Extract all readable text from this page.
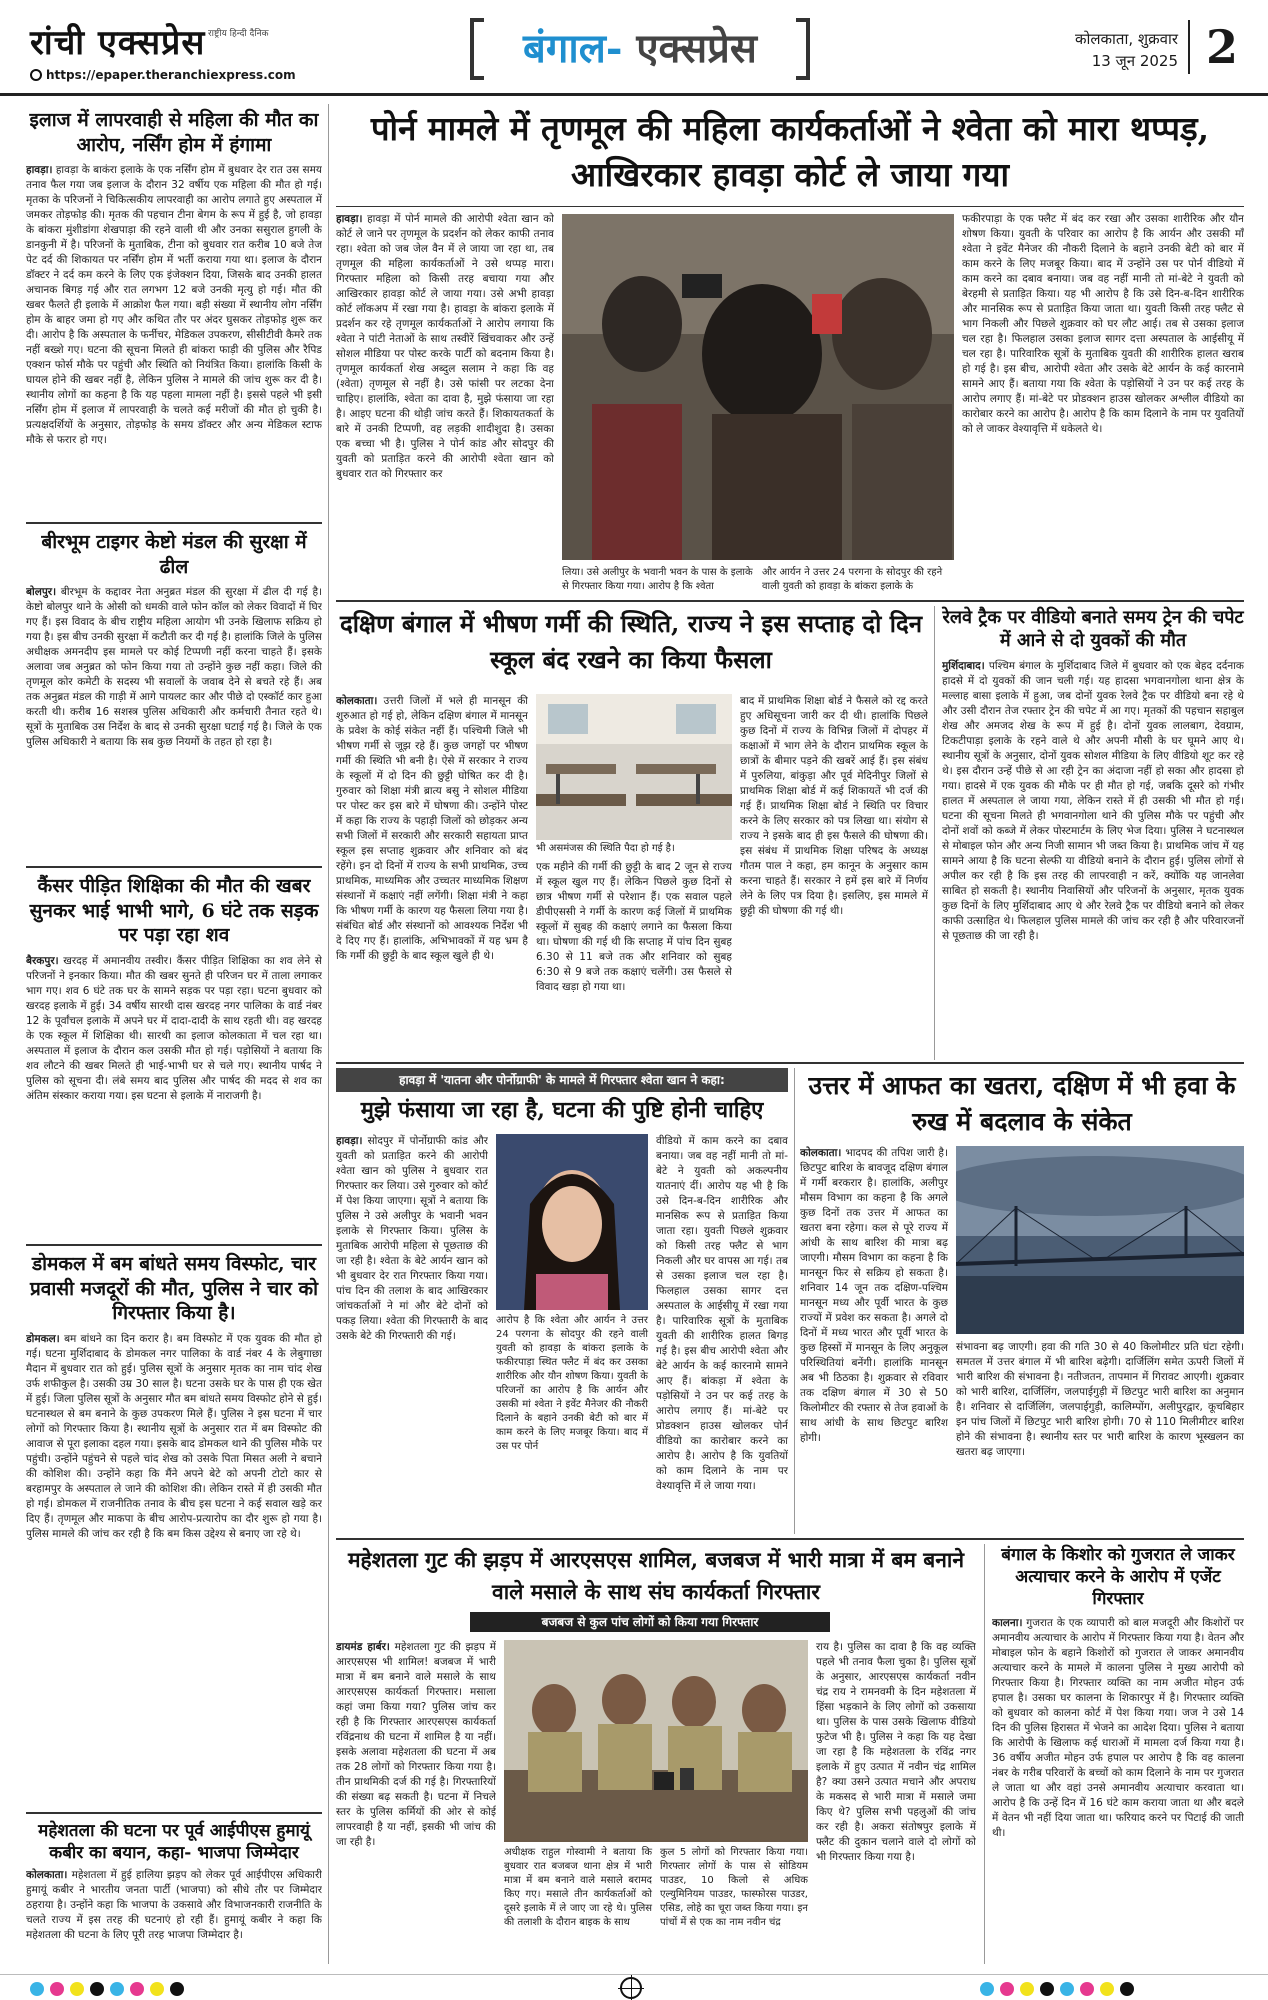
रांची एक्सप्रेस राष्ट्रीय हिन्दी दैनिक
https://epaper.theranchiexpress.com
बंगाल- एक्सप्रेस	कोलकाता, शुक्रवार
13 जून 2025 2
इलाज में लापरवाही से महिला की मौत का आरोप, नर्सिंग होम में हंगामा
हावड़ा। हावड़ा के बाकंरा इलाके के एक नर्सिंग होम में बुधवार देर रात उस समय तनाव फैल गया जब इलाज के दौरान 32 वर्षीय एक महिला की मौत हो गई। मृतका के परिजनों ने चिकित्सकीय लापरवाही का आरोप लगाते हुए अस्पताल में जमकर तोड़फोड़ की। मृतक की पहचान टीना बेगम के रूप में हुई है, जो हावड़ा के बांकरा मुंशीडांगा शेखपाड़ा की रहने वाली थी और उनका ससुराल हुगली के डानकुनी में है। परिजनों के मुताबिक, टीना को बुधवार रात करीब 10 बजे तेज पेट दर्द की शिकायत पर नर्सिंग होम में भर्ती कराया गया था। इलाज के दौरान डॉक्टर ने दर्द कम करने के लिए एक इंजेक्शन दिया, जिसके बाद उनकी हालत अचानक बिगड़ गई और रात लगभग 12 बजे उनकी मृत्यु हो गई। मौत की खबर फैलते ही इलाके में आक्रोश फैल गया। बड़ी संख्या में स्थानीय लोग नर्सिंग होम के बाहर जमा हो गए और कथित तौर पर अंदर घुसकर तोड़फोड़ शुरू कर दी। आरोप है कि अस्पताल के फर्नीचर, मेडिकल उपकरण, सीसीटीवी कैमरे तक नहीं बख्शे गए। घटना की सूचना मिलते ही बांकरा फाड़ी की पुलिस और रैपिड एक्शन फोर्स मौके पर पहुंची और स्थिति को नियंत्रित किया। हालांकि किसी के घायल होने की खबर नहीं है, लेकिन पुलिस ने मामले की जांच शुरू कर दी है। स्थानीय लोगों का कहना है कि यह पहला मामला नहीं है। इससे पहले भी इसी नर्सिंग होम में इलाज में लापरवाही के चलते कई मरीजों की मौत हो चुकी है। प्रत्यक्षदर्शियों के अनुसार, तोड़फोड़ के समय डॉक्टर और अन्य मेडिकल स्टाफ मौके से फरार हो गए।
बीरभूम टाइगर केष्टो मंडल की सुरक्षा में ढील
बोलपुर। बीरभूम के कद्दावर नेता अनुब्रत मंडल की सुरक्षा में ढील दी गई है। केष्टो बोलपुर थाने के ओसी को धमकी वाले फोन कॉल को लेकर विवादों में घिर गए हैं। इस विवाद के बीच राष्ट्रीय महिला आयोग भी उनके खिलाफ सक्रिय हो गया है। इस बीच उनकी सुरक्षा में कटौती कर दी गई है। हालांकि जिले के पुलिस अधीक्षक अमनदीप इस मामले पर कोई टिप्पणी नहीं करना चाहते हैं। इसके अलावा जब अनुब्रत को फोन किया गया तो उन्होंने कुछ नहीं कहा। जिले की तृणमूल कोर कमेटी के सदस्य भी सवालों के जवाब देने से बचते रहे हैं। अब तक अनुब्रत मंडल की गाड़ी में आगे पायलट कार और पीछे दो एस्कॉर्ट कार हुआ करती थी। करीब 16 सशस्त्र पुलिस अधिकारी और कर्मचारी तैनात रहते थे। सूत्रों के मुताबिक उस निर्देश के बाद से उनकी सुरक्षा घटाई गई है। जिले के एक पुलिस अधिकारी ने बताया कि सब कुछ नियमों के तहत हो रहा है।
कैंसर पीड़ित शिक्षिका की मौत की खबर सुनकर भाई भाभी भागे, 6 घंटे तक सड़क पर पड़ा रहा शव
बैरकपुर। खरदह में अमानवीय तस्वीर। कैंसर पीड़ित शिक्षिका का शव लेने से परिजनों ने इनकार किया। मौत की खबर सुनते ही परिजन घर में ताला लगाकर भाग गए। शव 6 घंटे तक घर के सामने सड़क पर पड़ा रहा। घटना बुधवार को खरदह इलाके में हुई। 34 वर्षीय सारथी दास खरदह नगर पालिका के वार्ड नंबर 12 के पूर्वांचल इलाके में अपने घर में दादा-दादी के साथ रहती थी। वह खरदह के एक स्कूल में शिक्षिका थी। सारथी का इलाज कोलकाता में चल रहा था। अस्पताल में इलाज के दौरान कल उसकी मौत हो गई। पड़ोसियों ने बताया कि शव लौटने की खबर मिलते ही भाई-भाभी घर से चले गए। स्थानीय पार्षद ने पुलिस को सूचना दी। लंबे समय बाद पुलिस और पार्षद की मदद से शव का अंतिम संस्कार कराया गया। इस घटना से इलाके में नाराजगी है।
डोमकल में बम बांधते समय विस्फोट, चार प्रवासी मजदूरों की मौत, पुलिस ने चार को गिरफ्तार किया है।
डोमकल। बम बांधने का दिन करार है। बम विस्फोट में एक युवक की मौत हो गई। घटना मुर्शिदाबाद के डोमकल नगर पालिका के वार्ड नंबर 4 के लेबुगाछा मैदान में बुधवार रात को हुई। पुलिस सूत्रों के अनुसार मृतक का नाम चांद शेख उर्फ शफीकुल है। उसकी उम्र 30 साल है। घटना उसके घर के पास ही एक खेत में हुई। जिला पुलिस सूत्रों के अनुसार मौत बम बांधते समय विस्फोट होने से हुई। घटनास्थल से बम बनाने के कुछ उपकरण मिले हैं। पुलिस ने इस घटना में चार लोगों को गिरफ्तार किया है। स्थानीय सूत्रों के अनुसार रात में बम विस्फोट की आवाज से पूरा इलाका दहल गया। इसके बाद डोमकल थाने की पुलिस मौके पर पहुंची। उन्होंने पहुंचने से पहले चांद शेख को उसके पिता मिसत अली ने बचाने की कोशिश की। उन्होंने कहा कि मैंने अपने बेटे को अपनी टोटो कार से बरहामपुर के अस्पताल ले जाने की कोशिश की। लेकिन रास्ते में ही उसकी मौत हो गई। डोमकल में राजनीतिक तनाव के बीच इस घटना ने कई सवाल खड़े कर दिए हैं। तृणमूल और माकपा के बीच आरोप-प्रत्यारोप का दौर शुरू हो गया है। पुलिस मामले की जांच कर रही है कि बम किस उद्देश्य से बनाए जा रहे थे।
महेशतला की घटना पर पूर्व आईपीएस हुमायूं कबीर का बयान, कहा- भाजपा जिम्मेदार
कोलकाता। महेशतला में हुई हालिया झड़प को लेकर पूर्व आईपीएस अधिकारी हुमायूं कबीर ने भारतीय जनता पार्टी (भाजपा) को सीधे तौर पर जिम्मेदार ठहराया है। उन्होंने कहा कि भाजपा के उकसावे और विभाजनकारी राजनीति के चलते राज्य में इस तरह की घटनाएं हो रही हैं। हुमायूं कबीर ने कहा कि महेशतला की घटना के लिए पूरी तरह भाजपा जिम्मेदार है।
पोर्न मामले में तृणमूल की महिला कार्यकर्ताओं ने श्वेता को मारा थप्पड़, आखिरकार हावड़ा कोर्ट ले जाया गया
हावड़ा। हावड़ा में पोर्न मामले की आरोपी श्वेता खान को कोर्ट ले जाने पर तृणमूल के प्रदर्शन को लेकर काफी तनाव रहा। श्वेता को जब जेल वैन में ले जाया जा रहा था, तब तृणमूल की महिला कार्यकर्ताओं ने उसे थप्पड़ मारा। गिरफ्तार महिला को किसी तरह बचाया गया और आखिरकार हावड़ा कोर्ट ले जाया गया। उसे अभी हावड़ा कोर्ट लॉकअप में रखा गया है। हावड़ा के बांकरा इलाके में प्रदर्शन कर रहे तृणमूल कार्यकर्ताओं ने आरोप लगाया कि श्वेता ने पांटी नेताओं के साथ तस्वीरें खिंचवाकर और उन्हें सोशल मीडिया पर पोस्ट करके पार्टी को बदनाम किया है। तृणमूल कार्यकर्ता शेख अब्दुल सलाम ने कहा कि वह (श्वेता) तृणमूल से नहीं है। उसे फांसी पर लटका देना चाहिए। हालांकि, श्वेता का दावा है, मुझे फंसाया जा रहा है। आइए घटना की थोड़ी जांच करते हैं। शिकायतकर्ता के बारे में उनकी टिप्पणी, वह लड़की शादीशुदा है। उसका एक बच्चा भी है। पुलिस ने पोर्न कांड और सोदपुर की युवती को प्रताड़ित करने की आरोपी श्वेता खान को बुधवार रात को गिरफ्तार कर
लिया। उसे अलीपुर के भवानी भवन के पास के इलाके से गिरफ्तार किया गया। आरोप है कि श्वेता
और आर्यन ने उत्तर 24 परगना के सोदपुर की रहने वाली युवती को हावड़ा के बांकरा इलाके के
फकीरपाड़ा के एक फ्लैट में बंद कर रखा और उसका शारीरिक और यौन शोषण किया। युवती के परिवार का आरोप है कि आर्यन और उसकी माँ श्वेता ने इवेंट मैनेजर की नौकरी दिलाने के बहाने उनकी बेटी को बार में काम करने के लिए मजबूर किया। बाद में उन्होंने उस पर पोर्न वीडियो में काम करने का दबाव बनाया। जब वह नहीं मानी तो मां-बेटे ने युवती को बेरहमी से प्रताड़ित किया। यह भी आरोप है कि उसे दिन-ब-दिन शारीरिक और मानसिक रूप से प्रताड़ित किया जाता था। युवती किसी तरह फ्लैट से भाग निकली और पिछले शुक्रवार को घर लौट आई। तब से उसका इलाज चल रहा है। फिलहाल उसका इलाज सागर दत्ता अस्पताल के आईसीयू में चल रहा है। पारिवारिक सूत्रों के मुताबिक युवती की शारीरिक हालत खराब हो गई है। इस बीच, आरोपी श्वेता और उसके बेटे आर्यन के कई कारनामे सामने आए हैं। बताया गया कि श्वेता के पड़ोसियों ने उन पर कई तरह के आरोप लगाए हैं। मां-बेटे पर प्रोडक्शन हाउस खोलकर अश्लील वीडियो का कारोबार करने का आरोप है। आरोप है कि काम दिलाने के नाम पर युवतियों को ले जाकर वेश्यावृत्ति में धकेलते थे।
दक्षिण बंगाल में भीषण गर्मी की स्थिति, राज्य ने इस सप्ताह दो दिन स्कूल बंद रखने का किया फैसला
कोलकाता। उत्तरी जिलों में भले ही मानसून की शुरुआत हो गई हो, लेकिन दक्षिण बंगाल में मानसून के प्रवेश के कोई संकेत नहीं हैं। पश्चिमी जिले भी भीषण गर्मी से जूझ रहे हैं। कुछ जगहों पर भीषण गर्मी की स्थिति भी बनी है। ऐसे में सरकार ने राज्य के स्कूलों में दो दिन की छुट्टी घोषित कर दी है। गुरुवार को शिक्षा मंत्री ब्रात्य बसु ने सोशल मीडिया पर पोस्ट कर इस बारे में घोषणा की। उन्होंने पोस्ट में कहा कि राज्य के पहाड़ी जिलों को छोड़कर अन्य सभी जिलों में सरकारी और सरकारी सहायता प्राप्त स्कूल इस सप्ताह शुक्रवार और शनिवार को बंद रहेंगे। इन दो दिनों में राज्य के सभी प्राथमिक, उच्च प्राथमिक, माध्यमिक और उच्चतर माध्यमिक शिक्षण संस्थानों में कक्षाएं नहीं लगेंगी। शिक्षा मंत्री ने कहा कि भीषण गर्मी के कारण यह फैसला लिया गया है। संबंधित बोर्ड और संस्थानों को आवश्यक निर्देश भी दे दिए गए हैं। हालांकि, अभिभावकों में यह भ्रम है कि गर्मी की छुट्टी के बाद स्कूल खुले ही थे।
भी असमंजस की स्थिति पैदा हो गई है।
एक महीने की गर्मी की छुट्टी के बाद 2 जून से राज्य में स्कूल खुल गए हैं। लेकिन पिछले कुछ दिनों से छात्र भीषण गर्मी से परेशान हैं। एक सवाल पहले डीपीएससी ने गर्मी के कारण कई जिलों में प्राथमिक स्कूलों में सुबह की कक्षाएं लगाने का फैसला किया था। घोषणा की गई थी कि सप्ताह में पांच दिन सुबह 6.30 से 11 बजे तक और शनिवार को सुबह 6:30 से 9 बजे तक कक्षाएं चलेंगी। उस फैसले से विवाद खड़ा हो गया था।
बाद में प्राथमिक शिक्षा बोर्ड ने फैसले को रद्द करते हुए अधिसूचना जारी कर दी थी। हालांकि पिछले कुछ दिनों में राज्य के विभिन्न जिलों में दोपहर में कक्षाओं में भाग लेने के दौरान प्राथमिक स्कूल के छात्रों के बीमार पड़ने की खबरें आई हैं। इस संबंध में पुरुलिया, बांकुड़ा और पूर्व मेदिनीपुर जिलों से प्राथमिक शिक्षा बोर्ड में कई शिकायतें भी दर्ज की गई हैं। प्राथमिक शिक्षा बोर्ड ने स्थिति पर विचार करने के लिए सरकार को पत्र लिखा था। संयोग से राज्य ने इसके बाद ही इस फैसले की घोषणा की। इस संबंध में प्राथमिक शिक्षा परिषद के अध्यक्ष गौतम पाल ने कहा, हम कानून के अनुसार काम करना चाहते हैं। सरकार ने हमें इस बारे में निर्णय लेने के लिए पत्र दिया है। इसलिए, इस मामले में छुट्टी की घोषणा की गई थी।
रेलवे ट्रैक पर वीडियो बनाते समय ट्रेन की चपेट में आने से दो युवकों की मौत
मुर्शिदाबाद। पश्चिम बंगाल के मुर्शिदाबाद जिले में बुधवार को एक बेहद दर्दनाक हादसे में दो युवकों की जान चली गई। यह हादसा भगवानगोला थाना क्षेत्र के मल्लाह बासा इलाके में हुआ, जब दोनों युवक रेलवे ट्रैक पर वीडियो बना रहे थे और उसी दौरान तेज रफ्तार ट्रेन की चपेट में आ गए। मृतकों की पहचान सहाबुल शेख और अमजद शेख के रूप में हुई है। दोनों युवक लालबाग, देवग्राम, टिकटीपाड़ा इलाके के रहने वाले थे और अपनी मौसी के घर घूमने आए थे। स्थानीय सूत्रों के अनुसार, दोनों युवक सोशल मीडिया के लिए वीडियो शूट कर रहे थे। इस दौरान उन्हें पीछे से आ रही ट्रेन का अंदाजा नहीं हो सका और हादसा हो गया। हादसे में एक युवक की मौके पर ही मौत हो गई, जबकि दूसरे को गंभीर हालत में अस्पताल ले जाया गया, लेकिन रास्ते में ही उसकी भी मौत हो गई। घटना की सूचना मिलते ही भगवानगोला थाने की पुलिस मौके पर पहुंची और दोनों शवों को कब्जे में लेकर पोस्टमार्टम के लिए भेज दिया। पुलिस ने घटनास्थल से मोबाइल फोन और अन्य निजी सामान भी जब्त किया है। प्राथमिक जांच में यह सामने आया है कि घटना सेल्फी या वीडियो बनाने के दौरान हुई। पुलिस लोगों से अपील कर रही है कि इस तरह की लापरवाही न करें, क्योंकि यह जानलेवा साबित हो सकती है। स्थानीय निवासियों और परिजनों के अनुसार, मृतक युवक कुछ दिनों के लिए मुर्शिदाबाद आए थे और रेलवे ट्रैक पर वीडियो बनाने को लेकर काफी उत्साहित थे। फिलहाल पुलिस मामले की जांच कर रही है और परिवारजनों से पूछताछ की जा रही है।
हावड़ा में 'यातना और पोर्नोग्राफी' के मामले में गिरफ्तार श्वेता खान ने कहा:
मुझे फंसाया जा रहा है, घटना की पुष्टि होनी चाहिए
हावड़ा। सोदपुर में पोर्नोग्राफी कांड और युवती को प्रताड़ित करने की आरोपी श्वेता खान को पुलिस ने बुधवार रात गिरफ्तार कर लिया। उसे गुरुवार को कोर्ट में पेश किया जाएगा। सूत्रों ने बताया कि पुलिस ने उसे अलीपुर के भवानी भवन इलाके से गिरफ्तार किया। पुलिस के मुताबिक आरोपी महिला से पूछताछ की जा रही है। श्वेता के बेटे आर्यन खान को भी बुधवार देर रात गिरफ्तार किया गया। पांच दिन की तलाश के बाद आखिरकार जांचकर्ताओं ने मां और बेटे दोनों को पकड़ लिया। श्वेता की गिरफ्तारी के बाद उसके बेटे की गिरफ्तारी की गई।
आरोप है कि श्वेता और आर्यन ने उत्तर 24 परगना के सोदपुर की रहने वाली युवती को हावड़ा के बांकरा इलाके के फकीरपाड़ा स्थित फ्लैट में बंद कर उसका शारीरिक और यौन शोषण किया। युवती के परिजनों का आरोप है कि आर्यन और उसकी मां श्वेता ने इवेंट मैनेजर की नौकरी दिलाने के बहाने उनकी बेटी को बार में काम करने के लिए मजबूर किया। बाद में उस पर पोर्न
वीडियो में काम करने का दबाव बनाया। जब वह नहीं मानी तो मां-बेटे ने युवती को अकल्पनीय यातनाएं दीं। आरोप यह भी है कि उसे दिन-ब-दिन शारीरिक और मानसिक रूप से प्रताड़ित किया जाता रहा। युवती पिछले शुक्रवार को किसी तरह फ्लैट से भाग निकली और घर वापस आ गई। तब से उसका इलाज चल रहा है। फिलहाल उसका सागर दत्त अस्पताल के आईसीयू में रखा गया है। पारिवारिक सूत्रों के मुताबिक युवती की शारीरिक हालत बिगड़ गई है। इस बीच आरोपी श्वेता और बेटे आर्यन के कई कारनामे सामने आए हैं। बांकड़ा में श्वेता के पड़ोसियों ने उन पर कई तरह के आरोप लगाए हैं। मां-बेटे पर प्रोडक्शन हाउस खोलकर पोर्न वीडियो का कारोबार करने का आरोप है। आरोप है कि युवतियों को काम दिलाने के नाम पर वेश्यावृत्ति में ले जाया गया।
उत्तर में आफत का खतरा, दक्षिण में भी हवा के रुख में बदलाव के संकेत
कोलकाता। भादपद की तपिश जारी है। छिटपुट बारिश के बावजूद दक्षिण बंगाल में गर्मी बरकरार है। हालांकि, अलीपुर मौसम विभाग का कहना है कि अगले कुछ दिनों तक उत्तर में आफत का खतरा बना रहेगा। कल से पूरे राज्य में आंधी के साथ बारिश की मात्रा बढ़ जाएगी। मौसम विभाग का कहना है कि मानसून फिर से सक्रिय हो सकता है। शनिवार 14 जून तक दक्षिण-पश्चिम मानसून मध्य और पूर्वी भारत के कुछ राज्यों में प्रवेश कर सकता है। अगले दो दिनों में मध्य भारत और पूर्वी भारत के कुछ हिस्सों में मानसून के लिए अनुकूल परिस्थितियां बनेंगी। हालांकि मानसून अब भी ठिठका है। शुक्रवार से रविवार तक दक्षिण बंगाल में 30 से 50 किलोमीटर की रफ्तार से तेज हवाओं के साथ आंधी के साथ छिटपुट बारिश होगी।
संभावना बढ़ जाएगी। हवा की गति 30 से 40 किलोमीटर प्रति घंटा रहेगी। समतल में उत्तर बंगाल में भी बारिश बढ़ेगी। दार्जिलिंग समेत ऊपरी जिलों में भारी बारिश की संभावना है। नतीजतन, तापमान में गिरावट आएगी। शुक्रवार को भारी बारिश, दार्जिलिंग, जलपाईगुड़ी में छिटपुट भारी बारिश का अनुमान है। शनिवार से दार्जिलिंग, जलपाईगुड़ी, कालिम्पोंग, अलीपुरद्वार, कूचबिहार इन पांच जिलों में छिटपुट भारी बारिश होगी। 70 से 110 मिलीमीटर बारिश होने की संभावना है। स्थानीय स्तर पर भारी बारिश के कारण भूस्खलन का खतरा बढ़ जाएगा।
महेशतला गुट की झड़प में आरएसएस शामिल, बजबज में भारी मात्रा में बम बनाने वाले मसाले के साथ संघ कार्यकर्ता गिरफ्तार
बजबज से कुल पांच लोगों को किया गया गिरफ्तार
डायमंड हार्बर। महेशतला गुट की झड़प में आरएसएस भी शामिल! बजबज में भारी मात्रा में बम बनाने वाले मसाले के साथ आरएसएस कार्यकर्ता गिरफ्तार। मसाला कहां जमा किया गया? पुलिस जांच कर रही है कि गिरफ्तार आरएसएस कार्यकर्ता रविंद्रनाथ की घटना में शामिल है या नहीं। इसके अलावा महेशतला की घटना में अब तक 28 लोगों को गिरफ्तार किया गया है। तीन प्राथमिकी दर्ज की गई है। गिरफ्तारियों की संख्या बढ़ सकती है। घटना में निचले स्तर के पुलिस कर्मियों की ओर से कोई लापरवाही है या नहीं, इसकी भी जांच की जा रही है।
अधीक्षक राहुल गोस्वामी ने बताया कि बुधवार रात बजबज थाना क्षेत्र में भारी मात्रा में बम बनाने वाले मसाले बरामद किए गए। मसाले तीन कार्यकर्ताओं को दूसरे इलाके में ले जाए जा रहे थे। पुलिस की तलाशी के दौरान बाइक के साथ
कुल 5 लोगों को गिरफ्तार किया गया। गिरफ्तार लोगों के पास से सोडियम पाउडर, 10 किलो से अधिक एल्युमिनियम पाउडर, फास्फोरस पाउडर, एसिड, लोहे का चूरा जब्त किया गया। इन पांचों में से एक का नाम नवीन चंद्र
राय है। पुलिस का दावा है कि वह व्यक्ति पहले भी तनाव फैला चुका है। पुलिस सूत्रों के अनुसार, आरएसएस कार्यकर्ता नवीन चंद्र राय ने रामनवमी के दिन महेशतला में हिंसा भड़काने के लिए लोगों को उकसाया था। पुलिस के पास उसके खिलाफ वीडियो फुटेज भी है। पुलिस ने कहा कि यह देखा जा रहा है कि महेशतला के रविंद्र नगर इलाके में हुए उत्पात में नवीन चंद्र शामिल है? क्या उसने उत्पात मचाने और अपराध के मकसद से भारी मात्रा में मसाले जमा किए थे? पुलिस सभी पहलुओं की जांच कर रही है। अकरा संतोषपुर इलाके में फ्लैट की दुकान चलाने वाले दो लोगों को भी गिरफ्तार किया गया है।
बंगाल के किशोर को गुजरात ले जाकर अत्याचार करने के आरोप में एजेंट गिरफ्तार
कालना। गुजरात के एक व्यापारी को बाल मजदूरी और किशोरों पर अमानवीय अत्याचार के आरोप में गिरफ्तार किया गया है। वेतन और मोबाइल फोन के बहाने किशोरों को गुजरात ले जाकर अमानवीय अत्याचार करने के मामले में कालना पुलिस ने मुख्य आरोपी को गिरफ्तार किया है। गिरफ्तार व्यक्ति का नाम अजीत मोहन उर्फ हपाल है। उसका घर कालना के शिकारपुर में है। गिरफ्तार व्यक्ति को बुधवार को कालना कोर्ट में पेश किया गया। जज ने उसे 14 दिन की पुलिस हिरासत में भेजने का आदेश दिया। पुलिस ने बताया कि आरोपी के खिलाफ कई धाराओं में मामला दर्ज किया गया है। 36 वर्षीय अजीत मोहन उर्फ हपाल पर आरोप है कि वह कालना नंबर के गरीब परिवारों के बच्चों को काम दिलाने के नाम पर गुजरात ले जाता था और वहां उनसे अमानवीय अत्याचार करवाता था। आरोप है कि उन्हें दिन में 16 घंटे काम कराया जाता था और बदले में वेतन भी नहीं दिया जाता था। फरियाद करने पर पिटाई की जाती थी।
